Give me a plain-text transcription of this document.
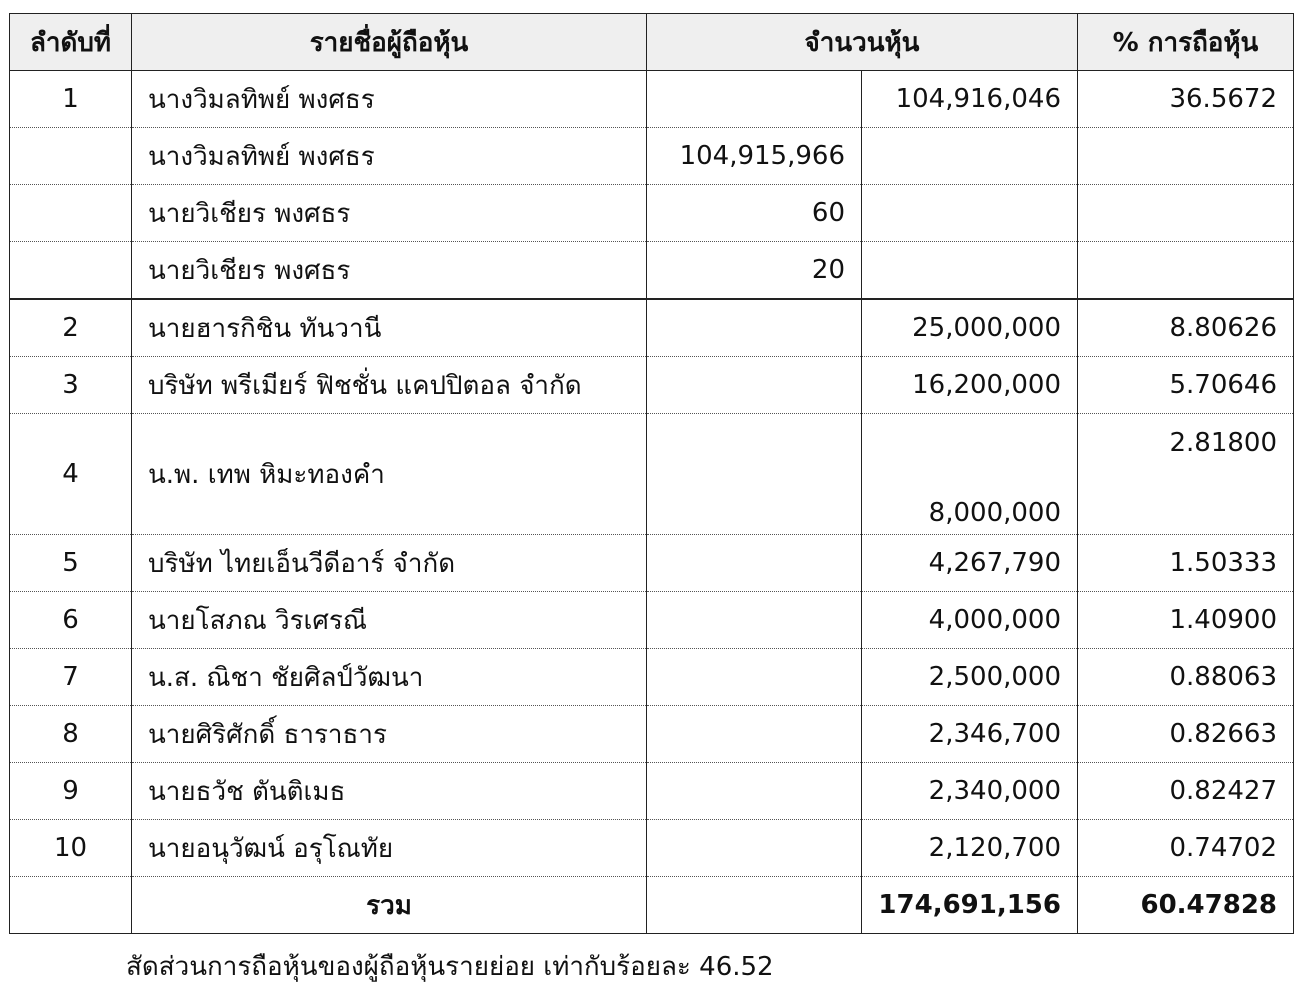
ลำดับที่	รายชื่อผู้ถือหุ้น	จำนวนหุ้น		% การถือหุ้น
1	นางวิมลทิพย์ พงศธร		104,916,046	36.5672
	นางวิมลทิพย์ พงศธร	104,915,966		
	นายวิเชียร พงศธร	60		
	นายวิเชียร พงศธร	20		
2	นายฮารกิชิน ทันวานี		25,000,000	8.80626
3	บริษัท พรีเมียร์ ฟิชชั่น แคปปิตอล จำกัด		16,200,000	5.70646
4	น.พ. เทพ หิมะทองคำ		8,000,000	2.81800
5	บริษัท ไทยเอ็นวีดีอาร์ จำกัด		4,267,790	1.50333
6	นายโสภณ วิรเศรณี		4,000,000	1.40900
7	น.ส. ณิชา ชัยศิลป์วัฒนา		2,500,000	0.88063
8	นายศิริศักดิ์ ธาราธาร		2,346,700	0.82663
9	นายธวัช ตันติเมธ		2,340,000	0.82427
10	นายอนุวัฒน์ อรุโณทัย		2,120,700	0.74702
	รวม		174,691,156	60.47828
สัดส่วนการถือหุ้นของผู้ถือหุ้นรายย่อย เท่ากับร้อยละ 46.52
